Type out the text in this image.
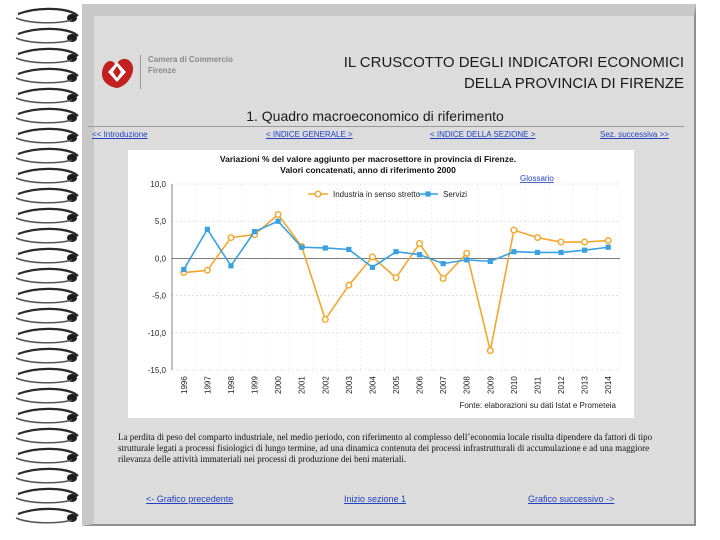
Camera di Commercio
Firenze	IL CRUSCOTTO DEGLI INDICATORI ECONOMICI
DELLA PROVINCIA DI FIRENZE
1. Quadro macroeconomico di riferimento
<< Introduzione	< INDICE GENERALE >	< INDICE DELLA SEZIONE >	Sez. successiva >>
Variazioni % del valore aggiunto per macrosettore in provincia di Firenze.
Valori concatenati, anno di riferimento 2000
Glossario
10,0
5,0
0,0
-5,0
-10,0
-15,0
1996 1997 1998 1999 2000 2001 2002 2003 2004 2005 2006 2007 2008 2009 2010 2011 2012 2013 2014
Industria in senso stretto	Servizi
Fonte: elaborazioni su dati Istat e Prometeia
La perdita di peso del comparto industriale, nel medio periodo, con riferimento al complesso dell’economia locale risulta dipendere da fattori di tipo strutturale legati a processi fisiologici di lungo termine, ad una dinamica contenuta dei processi infrastrutturali di accumulazione e ad una maggiore rilevanza delle attività immateriali nei processi di produzione dei beni materiali.
<- Grafico precedente	Inizio sezione 1	Grafico successivo ->
